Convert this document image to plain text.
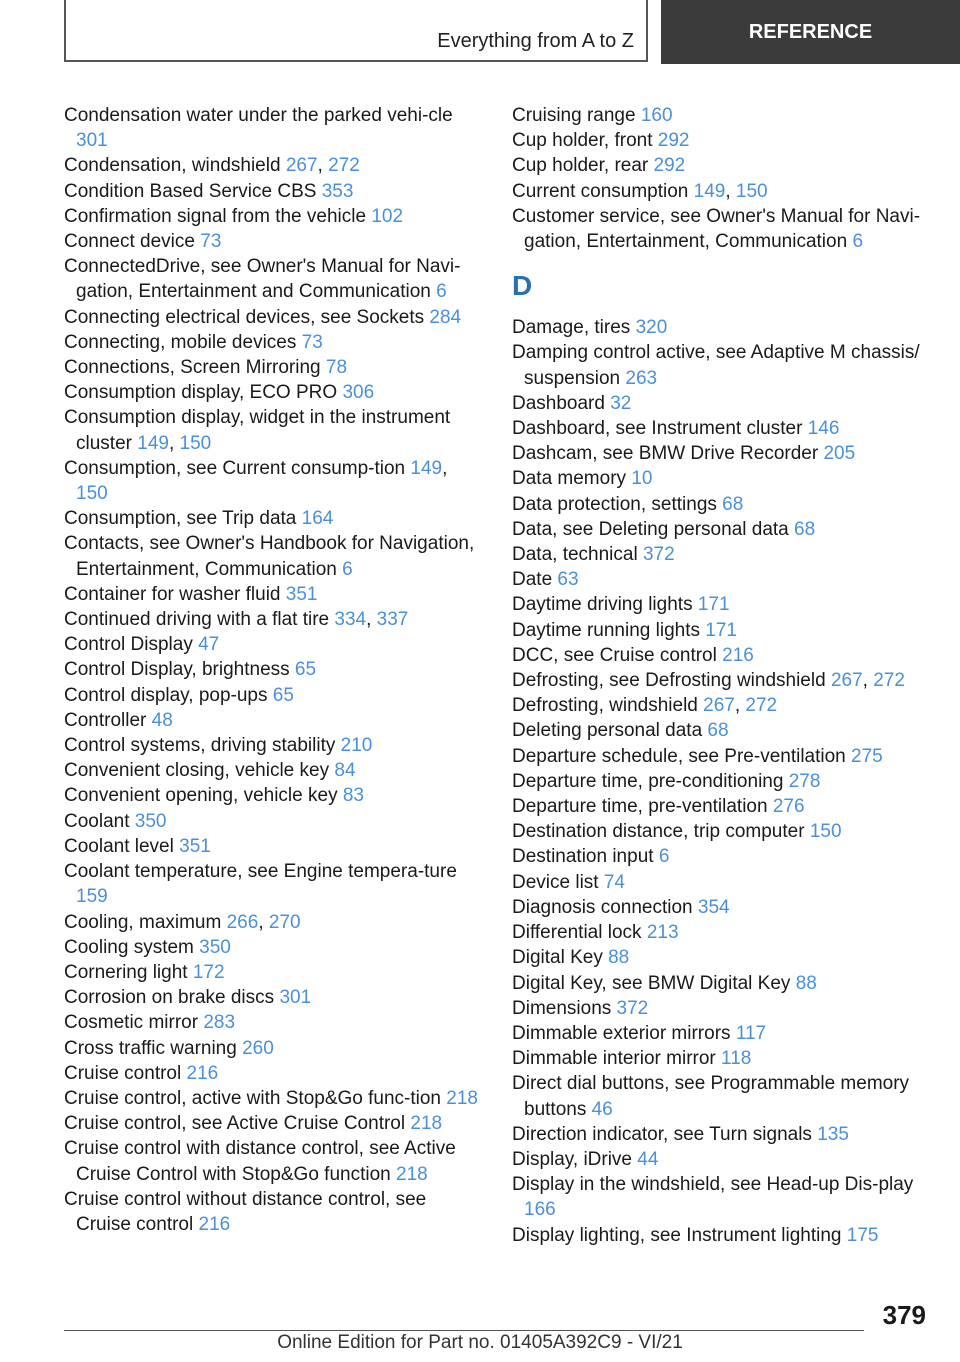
Everything from A to Z	REFERENCE
Condensation water under the parked vehi-cle 301
Condensation, windshield 267, 272
Condition Based Service CBS 353
Confirmation signal from the vehicle 102
Connect device 73
ConnectedDrive, see Owner's Manual for Navi-gation, Entertainment and Communication 6
Connecting electrical devices, see Sockets 284
Connecting, mobile devices 73
Connections, Screen Mirroring 78
Consumption display, ECO PRO 306
Consumption display, widget in the instrument cluster 149, 150
Consumption, see Current consump-tion 149, 150
Consumption, see Trip data 164
Contacts, see Owner's Handbook for Navigation, Entertainment, Communication 6
Container for washer fluid 351
Continued driving with a flat tire 334, 337
Control Display 47
Control Display, brightness 65
Control display, pop-ups 65
Controller 48
Control systems, driving stability 210
Convenient closing, vehicle key 84
Convenient opening, vehicle key 83
Coolant 350
Coolant level 351
Coolant temperature, see Engine tempera-ture 159
Cooling, maximum 266, 270
Cooling system 350
Cornering light 172
Corrosion on brake discs 301
Cosmetic mirror 283
Cross traffic warning 260
Cruise control 216
Cruise control, active with Stop&Go func-tion 218
Cruise control, see Active Cruise Control 218
Cruise control with distance control, see Active Cruise Control with Stop&Go function 218
Cruise control without distance control, see Cruise control 216
Cruising range 160
Cup holder, front 292
Cup holder, rear 292
Current consumption 149, 150
Customer service, see Owner's Manual for Navi-gation, Entertainment, Communication 6
D
Damage, tires 320
Damping control active, see Adaptive M chassis/ suspension 263
Dashboard 32
Dashboard, see Instrument cluster 146
Dashcam, see BMW Drive Recorder 205
Data memory 10
Data protection, settings 68
Data, see Deleting personal data 68
Data, technical 372
Date 63
Daytime driving lights 171
Daytime running lights 171
DCC, see Cruise control 216
Defrosting, see Defrosting windshield 267, 272
Defrosting, windshield 267, 272
Deleting personal data 68
Departure schedule, see Pre-ventilation 275
Departure time, pre-conditioning 278
Departure time, pre-ventilation 276
Destination distance, trip computer 150
Destination input 6
Device list 74
Diagnosis connection 354
Differential lock 213
Digital Key 88
Digital Key, see BMW Digital Key 88
Dimensions 372
Dimmable exterior mirrors 117
Dimmable interior mirror 118
Direct dial buttons, see Programmable memory buttons 46
Direction indicator, see Turn signals 135
Display, iDrive 44
Display in the windshield, see Head-up Dis-play 166
Display lighting, see Instrument lighting 175
379
Online Edition for Part no. 01405A392C9 - VI/21
